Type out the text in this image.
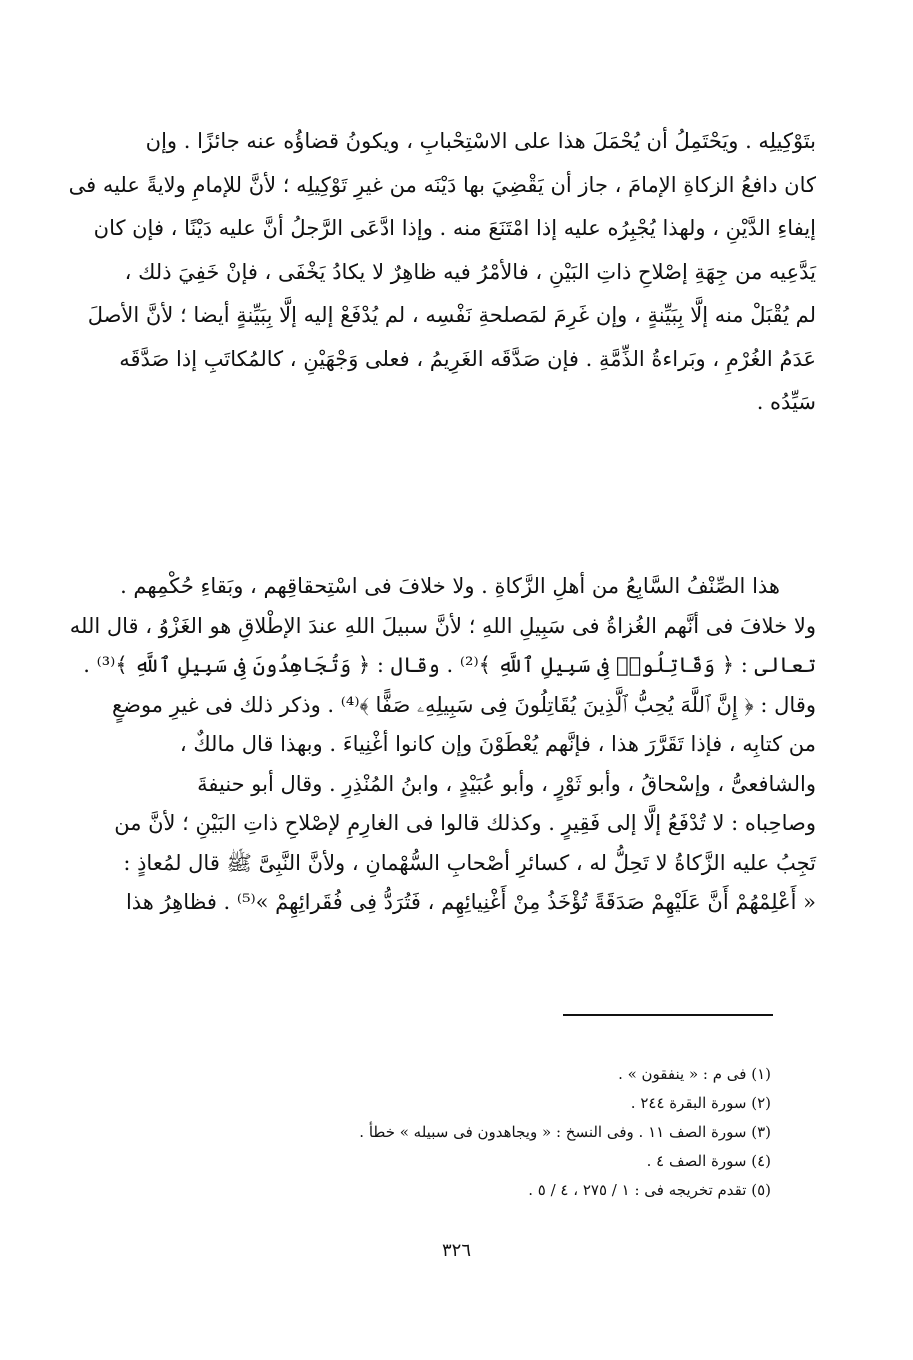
بتَوْكِيلِه . ويَحْتَمِلُ أن يُحْمَلَ هذا على الاسْتِحْبابِ ، ويكونُ قضاؤُه عنه جائزًا . وإن
كان دافعُ الزكاةِ الإمامَ ، جاز أن يَقْضِيَ بها دَيْنَه من غيرِ تَوْكِيلِه ؛ لأنَّ للإمامِ ولايةً عليه فى
إيفاءِ الدَّيْنِ ، ولهذا يُجْبِرُه عليه إذا امْتَنَعَ منه . وإذا ادَّعَى الرَّجلُ أنَّ عليه دَيْنًا ، فإن كان
يَدَّعِيه من جِهَةِ إصْلاحِ ذاتِ البَيْنِ ، فالأمْرُ فيه ظاهِرٌ لا يكادُ يَخْفَى ، فإنْ خَفِيَ ذلك ،
لم يُقْبَلْ منه إلَّا بِبَيِّنةٍ ، وإن غَرِمَ لمَصلحةِ نَفْسِه ، لم يُدْفَعْ إليه إلَّا بِبَيِّنةٍ أيضا ؛ لأنَّ الأصلَ
عَدَمُ الغُرْمِ ، وبَراءةُ الذِّمَّةِ . فإن صَدَّقَه الغَرِيمُ ، فعلى وَجْهَيْنِ ، كالمُكاتَبِ إذا صَدَّقَه
سَيِّدُه .
هذا الصِّنْفُ السَّابِعُ من أهلِ الزَّكاةِ . ولا خلافَ فى اسْتِحقاقِهم ، وبَقاءِ حُكْمِهم .
ولا خلافَ فى أنَّهم الغُزاةُ فى سَبِيلِ اللهِ ؛ لأنَّ سبيلَ اللهِ عندَ الإطْلاقِ هو الغَزْوُ ، قال الله
تعالى : ﴿ وَقَاتِلُوا۟ فِى سَبِيلِ ٱللَّهِ ﴾⁽²⁾ . وقال : ﴿ وَتُجَاهِدُونَ فِى سَبِيلِ ٱللَّهِ ﴾⁽³⁾ .
وقال : ﴿ إِنَّ ٱللَّهَ يُحِبُّ ٱلَّذِينَ يُقَاتِلُونَ فِى سَبِيلِهِۦ صَفًّا ﴾⁽⁴⁾ . وذكر ذلك فى غيرِ موضعٍ
من كتابِه ، فإذا تَقَرَّرَ هذا ، فإنَّهم يُعْطَوْنَ وإن كانوا أغْنِياءَ . وبهذا قال مالكٌ ،
والشافعىُّ ، وإسْحاقُ ، وأبو ثَوْرٍ ، وأبو عُبَيْدٍ ، وابنُ المُنْذِرِ . وقال أبو حنيفةَ
وصاحِباه : لا تُدْفَعُ إلَّا إلى فَقِيرٍ . وكذلك قالوا فى الغارِمِ لإصْلاحِ ذاتِ البَيْنِ ؛ لأنَّ من
تَجِبُ عليه الزَّكاةُ لا تَحِلُّ له ، كسائرِ أصْحابِ السُّهْمانِ ، ولأنَّ النَّبِىَّ ﷺ قال لمُعاذٍ :
« أَعْلِمْهُمْ أَنَّ عَلَيْهِمْ صَدَقَةً تُؤْخَذُ مِنْ أَغْنِيائِهِم ، فَتُرَدُّ فِى فُقَرائِهِمْ »⁽⁵⁾ . فظاهِرُ هذا
(١) فى م : « ينفقون » .
(٢) سورة البقرة ٢٤٤ .
(٣) سورة الصف ١١ . وفى النسخ : « ويجاهدون فى سبيله » خطأ .
(٤) سورة الصف ٤ .
(٥) تقدم تخريجه فى : ١ / ٢٧٥ ، ٤ / ٥ .
٣٢٦
